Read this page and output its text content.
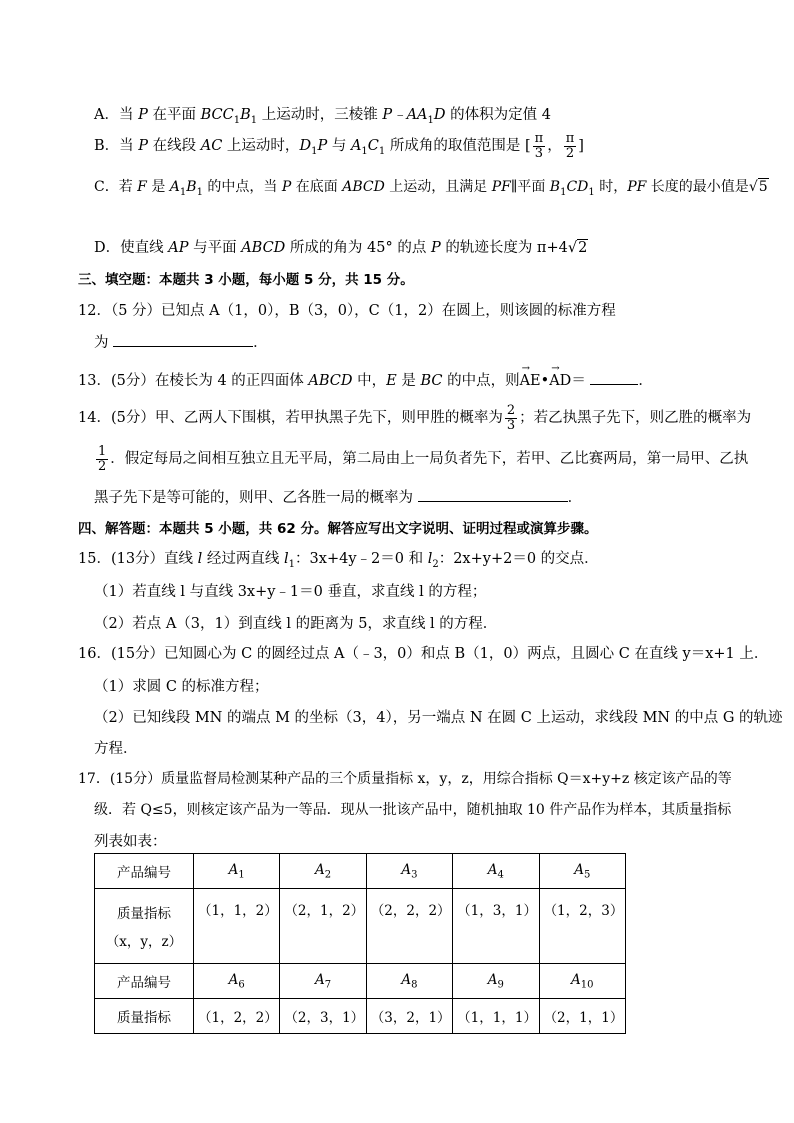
A．当 P 在平面 $BCC_1B_1$ 上运动时，三棱锥 $P﹣AA_1D$ 的体积为定值 4
B．当 P 在线段 AC 上运动时，$D_1P$ 与 $A_1C_1$ 所成角的取值范围是 [ $\frac{\pi}{3}$ ， $\frac{\pi}{2}$ ]
C．若 F 是 $A_1B_1$ 的中点，当 P 在底面 ABCD 上运动，且满足 PF∥平面 $B_1CD_1$ 时，PF 长度的最小值是√5
D．使直线 AP 与平面 ABCD 所成的角为 45° 的点 P 的轨迹长度为 π+4√2
三、填空题：本题共 3 小题，每小题 5 分，共 15 分。
12．（5 分）已知点 A（1，0），B（3，0），C（1，2）在圆上，则该圆的标准方程
为	．
13．(5分）在棱长为 4 的正四面体 ABCD 中，E 是 BC 的中点，则→ AE•→ AD＝	．
14．(5分）甲、乙两人下围棋，若甲执黑子先下，则甲胜的概率为 $\frac{2}{3}$ ；若乙执黑子先下，则乙胜的概率为
$\frac{1}{2}$ ．假定每局之间相互独立且无平局，第二局由上一局负者先下，若甲、乙比赛两局，第一局甲、乙执
黑子先下是等可能的，则甲、乙各胜一局的概率为	．
四、解答题：本题共 5 小题，共 62 分。解答应写出文字说明、证明过程或演算步骤。
15．(13分）直线 l 经过两直线 $l_1$：3x+4y﹣2＝0 和 $l_2$：2x+y+2＝0 的交点．
（1）若直线 l 与直线 3x+y﹣1＝0 垂直，求直线 l 的方程；
（2）若点 A（3，1）到直线 l 的距离为 5，求直线 l 的方程．
16．(15分）已知圆心为 C 的圆经过点 A（﹣3，0）和点 B（1，0）两点，且圆心 C 在直线 y＝x+1 上．
（1）求圆 C 的标准方程；
（2）已知线段 MN 的端点 M 的坐标（3，4），另一端点 N 在圆 C 上运动，求线段 MN 的中点 G 的轨迹
方程．
17．(15分）质量监督局检测某种产品的三个质量指标 x，y，z，用综合指标 Q＝x+y+z 核定该产品的等
级．若 Q≤5，则核定该产品为一等品．现从一批该产品中，随机抽取 10 件产品作为样本，其质量指标
列表如表：
产品编号	$A_1$	$A_2$	$A_3$	$A_4$	$A_5$

质量指标
（x，y，z）	（1，1，2）	（2，1，2）	（2，2，2）	（1，3，1）	（1，2，3）
产品编号	$A_6$	$A_7$	$A_8$	$A_9$	$A_{10}$
质量指标	（1，2，2）	（2，3，1）	（3，2，1）	（1，1，1）	（2，1，1）
